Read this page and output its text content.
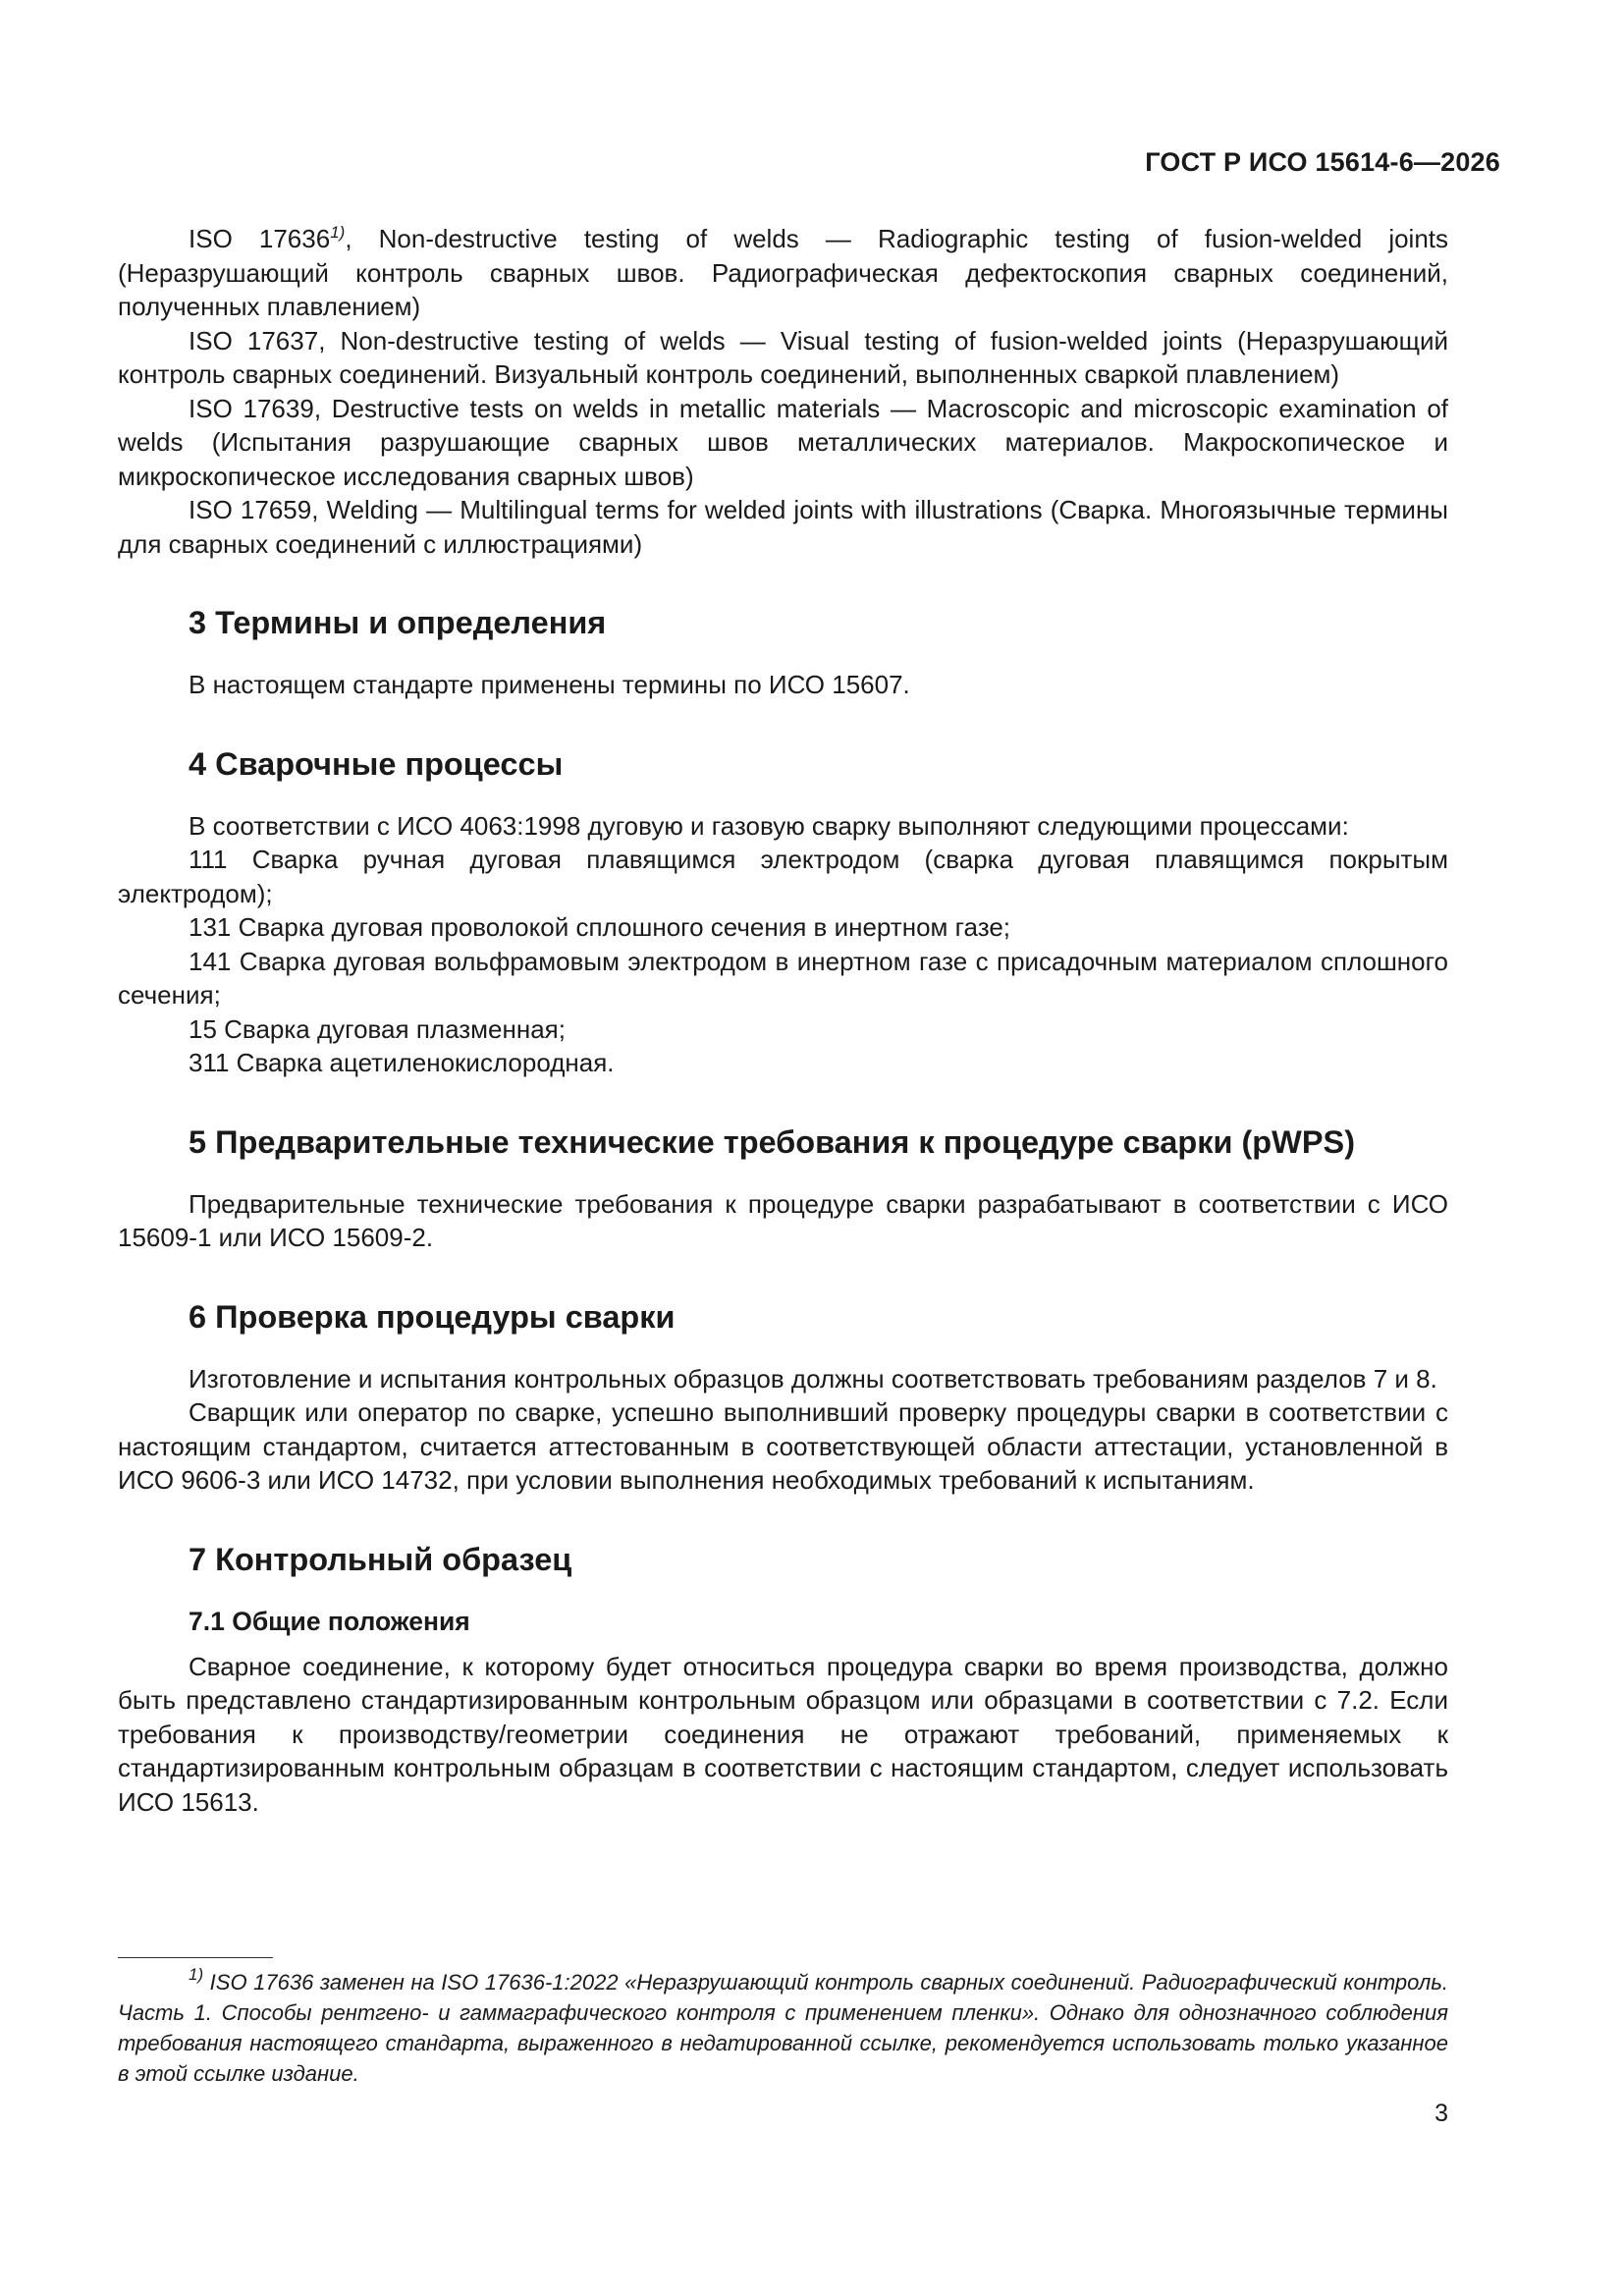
ГОСТ Р ИСО 15614-6—2026

ISO 17636$^{1)}$, Non-destructive testing of welds — Radiographic testing of fusion-welded joints (Неразрушающий контроль сварных швов. Радиографическая дефектоскопия сварных соединений, полученных плавлением)

ISO 17637, Non-destructive testing of welds — Visual testing of fusion-welded joints (Неразрушающий контроль сварных соединений. Визуальный контроль соединений, выполненных сваркой плавлением)

ISO 17639, Destructive tests on welds in metallic materials — Macroscopic and microscopic examination of welds (Испытания разрушающие сварных швов металлических материалов. Макроскопическое и микроскопическое исследования сварных швов)

ISO 17659, Welding — Multilingual terms for welded joints with illustrations (Сварка. Многоязычные термины для сварных соединений с иллюстрациями)

3 Термины и определения

В настоящем стандарте применены термины по ИСО 15607.

4 Сварочные процессы

В соответствии с ИСО 4063:1998 дуговую и газовую сварку выполняют следующими процессами:

111 Сварка ручная дуговая плавящимся электродом (сварка дуговая плавящимся покрытым электродом);

131 Сварка дуговая проволокой сплошного сечения в инертном газе;

141 Сварка дуговая вольфрамовым электродом в инертном газе с присадочным материалом сплошного сечения;

15 Сварка дуговая плазменная;

311 Сварка ацетиленокислородная.

5 Предварительные технические требования к процедуре сварки (pWPS)

Предварительные технические требования к процедуре сварки разрабатывают в соответствии с ИСО 15609-1 или ИСО 15609-2.

6 Проверка процедуры сварки

Изготовление и испытания контрольных образцов должны соответствовать требованиям разделов 7 и 8.

Сварщик или оператор по сварке, успешно выполнивший проверку процедуры сварки в соответствии с настоящим стандартом, считается аттестованным в соответствующей области аттестации, установленной в ИСО 9606-3 или ИСО 14732, при условии выполнения необходимых требований к испытаниям.

7 Контрольный образец
7.1 Общие положения

Сварное соединение, к которому будет относиться процедура сварки во время производства, должно быть представлено стандартизированным контрольным образцом или образцами в соответствии с 7.2. Если требования к производству/геометрии соединения не отражают требований, применяемых к стандартизированным контрольным образцам в соответствии с настоящим стандартом, следует использовать ИСО 15613.

$^{1)}$ ISO 17636 заменен на ISO 17636-1:2022 «Неразрушающий контроль сварных соединений. Радиографический контроль. Часть 1. Способы рентгено- и гаммаграфического контроля с применением пленки». Однако для однозначного соблюдения требования настоящего стандарта, выраженного в недатированной ссылке, рекомендуется использовать только указанное в этой ссылке издание.

3
